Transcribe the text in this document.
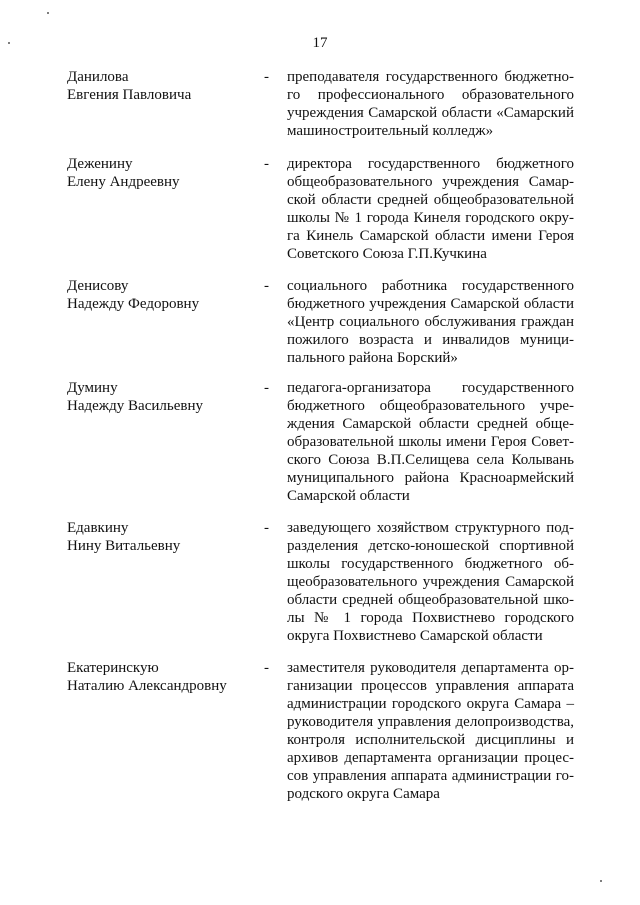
17
Данилова
Евгения Павловича
- преподавателя государственного бюджетно-
го профессионального образовательного
учреждения Самарской области «Самарский
машиностроительный колледж»
Деженину
Елену Андреевну
- директора государственного бюджетного
общеобразовательного учреждения Самар-
ской области средней общеобразовательной
школы № 1 города Кинеля городского окру-
га Кинель Самарской области имени Героя
Советского Союза Г.П.Кучкина
Денисову
Надежду Федоровну
- социального работника государственного
бюджетного учреждения Самарской области
«Центр социального обслуживания граждан
пожилого возраста и инвалидов муници-
пального района Борский»
Думину
Надежду Васильевну
- педагога-организатора государственного
бюджетного общеобразовательного учре-
ждения Самарской области средней обще-
образовательной школы имени Героя Совет-
ского Союза В.П.Селищева села Колывань
муниципального района Красноармейский
Самарской области
Едавкину
Нину Витальевну
- заведующего хозяйством структурного под-
разделения детско-юношеской спортивной
школы государственного бюджетного об-
щеобразовательного учреждения Самарской
области средней общеобразовательной шко-
лы № 1 города Похвистнево городского
округа Похвистнево Самарской области
Екатеринскую
Наталию Александровну
- заместителя руководителя департамента ор-
ганизации процессов управления аппарата
администрации городского округа Самара –
руководителя управления делопроизводства,
контроля исполнительской дисциплины и
архивов департамента организации процес-
сов управления аппарата администрации го-
родского округа Самара
